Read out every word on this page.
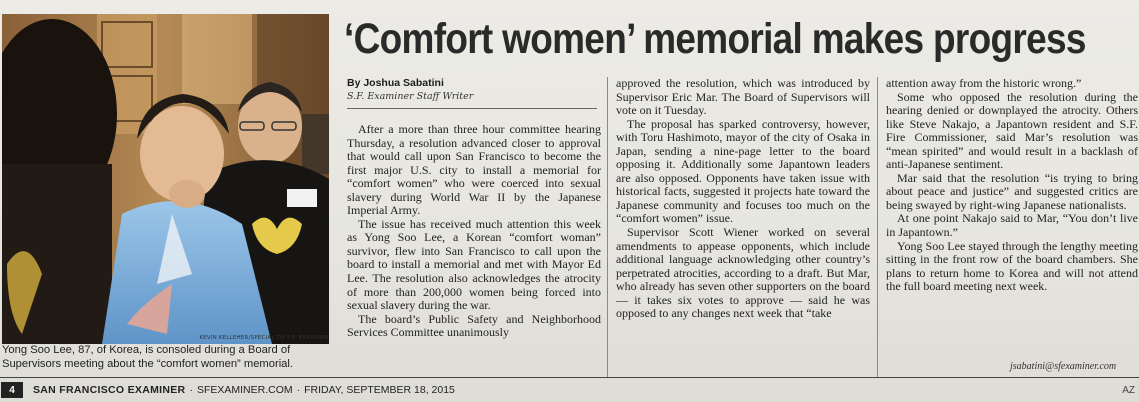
KEVIN KELLEHER/SPECIAL TO S.F. EXAMINER
Yong Soo Lee, 87, of Korea, is consoled during a Board of Supervisors meeting about the “comfort women” memorial.
‘Comfort women’ memorial makes progress
By Joshua Sabatini
S.F. Examiner Staff Writer

After a more than three hour committee hearing Thursday, a resolution advanced closer to approval that would call upon San Francisco to become the first major U.S. city to install a memorial for “comfort women” who were coerced into sexual slavery during World War II by the Japanese Imperial Army.

The issue has received much attention this week as Yong Soo Lee, a Korean “comfort woman” survivor, flew into San Francisco to call upon the board to install a memorial and met with Mayor Ed Lee. The resolution also acknowledges the atrocity of more than 200,000 women being forced into sexual slavery during the war.

The board’s Public Safety and Neighborhood Services Committee unanimously

approved the resolution, which was introduced by Supervisor Eric Mar. The Board of Supervisors will vote on it Tuesday.

The proposal has sparked controversy, however, with Toru Hashimoto, mayor of the city of Osaka in Japan, sending a nine-page letter to the board opposing it. Additionally some Japantown leaders are also opposed. Opponents have taken issue with historical facts, suggested it projects hate toward the Japanese community and focuses too much on the “comfort women” issue.

Supervisor Scott Wiener worked on several amendments to appease opponents, which include additional language acknowledging other country’s perpetrated atrocities, according to a draft. But Mar, who already has seven other supporters on the board — it takes six votes to approve — said he was opposed to any changes next week that “take

attention away from the historic wrong.”

Some who opposed the resolution during the hearing denied or downplayed the atrocity. Others like Steve Nakajo, a Japantown resident and S.F. Fire Commissioner, said Mar’s resolution was “mean spirited” and would result in a backlash of anti-Japanese sentiment.

Mar said that the resolution “is trying to bring about peace and justice” and suggested critics are being swayed by right-wing Japanese nationalists.

At one point Nakajo said to Mar, “You don’t live in Japantown.”

Yong Soo Lee stayed through the lengthy meeting sitting in the front row of the board chambers. She plans to return home to Korea and will not attend the full board meeting next week.

jsabatini@sfexaminer.com
4	SAN FRANCISCO EXAMINER · SFEXAMINER.COM · FRIDAY, SEPTEMBER 18, 2015	AZ
